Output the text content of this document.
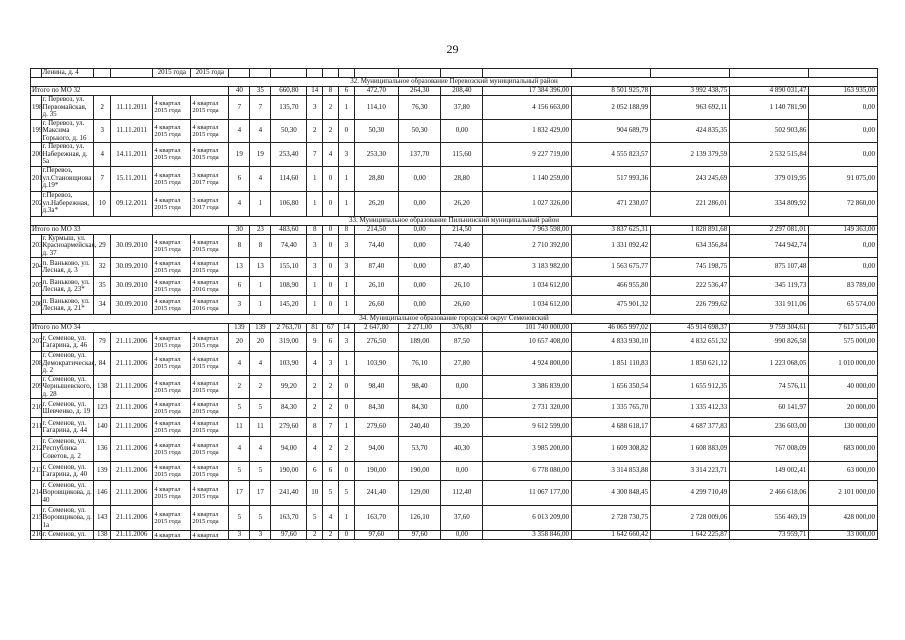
29
	Ленина, д. 4			2015 года	2015 года														
32. Муниципальное образование Перевозский муниципальный район																			
Итого по МО 32						40	35	660,80	14	8	6	472,70	264,30	208,40	17 384 396,00	8 501 925,78	3 992 438,75	4 890 031,47	163 935,00
198	г. Перевоз, ул. Первомайская, д. 35	2	11.11.2011	4 квартал 2015 года	4 квартал 2015 года	7	7	135,70	3	2	1	114,10	76,30	37,80	4 156 663,00	2 052 188,99	963 692,11	1 140 781,90	0,00
199	г. Перевоз, ул. Максима Горького, д. 16	3	11.11.2011	4 квартал 2015 года	4 квартал 2015 года	4	4	50,30	2	2	0	50,30	50,30	0,00	1 832 429,00	904 689,79	424 835,35	502 903,86	0,00
200	г. Перевоз, ул. Набережная, д. 5а	4	14.11.2011	4 квартал 2015 года	4 квартал 2015 года	19	19	253,40	7	4	3	253,30	137,70	115,60	9 227 719,00	4 555 823,57	2 139 379,59	2 532 515,84	0,00
201	г.Перевоз, ул.Становщиова д.19*	7	15.11.2011	4 квартал 2015 года	3 квартал 2017 года	6	4	114,60	1	0	1	28,80	0,00	28,80	1 140 259,00	517 993,36	243 245,69	379 019,95	91 075,00
202	г.Перевоз, ул.Набережная, д.3а*	10	09.12.2011	4 квартал 2015 года	3 квартал 2017 года	4	1	106,80	1	0	1	26,20	0,00	26,20	1 027 326,00	471 230,07	221 286,01	334 809,92	72 860,00
33. Муниципальное образование Пильнинский муниципальный район																			
Итого по МО 33						30	23	483,60	8	0	8	214,50	0,00	214,50	7 963 598,00	3 837 625,31	1 828 891,68	2 297 081,01	149 363,00
203	г. Курмыш, ул. Красноармейская, д. 37	29	30.09.2010	4 квартал 2015 года	4 квартал 2015 года	8	8	74,40	3	0	3	74,40	0,00	74,40	2 710 392,00	1 331 092,42	634 356,84	744 942,74	0,00
204	п. Ваньково, ул. Лесная, д. 3	32	30.09.2010	4 квартал 2015 года	4 квартал 2015 года	13	13	155,10	3	0	3	87,40	0,00	87,40	3 183 982,00	1 563 675,77	745 198,75	875 107,48	0,00
205	п. Ваньково, ул. Лесная, д. 23*	35	30.09.2010	4 квартал 2015 года	4 квартал 2016 года	6	1	108,90	1	0	1	26,10	0,00	26,10	1 034 612,00	466 955,80	222 536,47	345 119,73	83 789,00
206	п. Ваньково, ул. Лесная, д. 21*	34	30.09.2010	4 квартал 2015 года	4 квартал 2016 года	3	1	145,20	1	0	1	26,60	0,00	26,60	1 034 612,00	475 901,32	226 799,62	331 911,06	65 574,00
34. Муниципальное образование городской округ Семеновский																			
Итого по МО 34						139	139	2 763,70	81	67	14	2 647,80	2 271,00	376,80	101 740 000,00	46 065 997,02	45 914 698,37	9 759 304,61	7 617 515,40
207	г. Семенов, ул. Гагарина, д. 46	79	21.11.2006	4 квартал 2015 года	4 квартал 2015 года	20	20	319,00	9	6	3	276,50	189,00	87,50	10 657 408,00	4 833 930,10	4 832 651,32	990 826,58	575 000,00
208	г. Семенов, ул. Демократическая, д. 2	84	21.11.2006	4 квартал 2015 года	4 квартал 2015 года	4	4	103,90	4	3	1	103,90	76,10	27,80	4 924 800,00	1 851 110,83	1 850 621,12	1 223 068,05	1 010 000,00
209	г. Семенов, ул. Чернышевского, д. 28	138	21.11.2006	4 квартал 2015 года	4 квартал 2015 года	2	2	99,20	2	2	0	98,40	98,40	0,00	3 386 839,00	1 656 350,54	1 655 912,35	74 576,11	40 000,00
210	г. Семенов, ул. Шевченко, д. 19	123	21.11.2006	4 квартал 2015 года	4 квартал 2015 года	5	5	84,30	2	2	0	84,30	84,30	0,00	2 731 320,00	1 335 765,70	1 335 412,33	60 141,97	20 000,00
211	г. Семенов, ул. Гагарина, д. 44	140	21.11.2006	4 квартал 2015 года	4 квартал 2015 года	11	11	279,60	8	7	1	279,60	240,40	39,20	9 612 599,00	4 688 618,17	4 687 377,83	236 603,00	130 000,00
212	г. Семенов, ул. Республика Советов, д. 2	136	21.11.2006	4 квартал 2015 года	4 квартал 2015 года	4	4	94,00	4	2	2	94,00	53,70	40,30	3 985 200,00	1 609 308,82	1 608 883,09	767 008,09	683 000,00
213	г. Семенов, ул. Гагарина, д. 40	139	21.11.2006	4 квартал 2015 года	4 квартал 2015 года	5	5	190,00	6	6	0	190,00	190,00	0,00	6 778 080,00	3 314 853,88	3 314 223,71	149 002,41	63 000,00
214	г. Семенов, ул. Воровщикова, д. 40	146	21.11.2006	4 квартал 2015 года	4 квартал 2015 года	17	17	241,40	10	5	5	241,40	129,00	112,40	11 067 177,00	4 300 848,45	4 299 710,49	2 466 618,06	2 101 000,00
215	г. Семенов, ул. Воровщикова, д. 1а	143	21.11.2006	4 квартал 2015 года	4 квартал 2015 года	5	5	163,70	5	4	1	163,70	126,10	37,60	6 013 209,00	2 728 730,75	2 728 009,06	556 469,19	428 000,00
216	г. Семенов, ул.	138	21.11.2006	4 квартал	4 квартал	3	3	97,60	2	2	0	97,60	97,60	0,00	3 358 846,00	1 642 660,42	1 642 225,87	73 959,71	33 000,00
